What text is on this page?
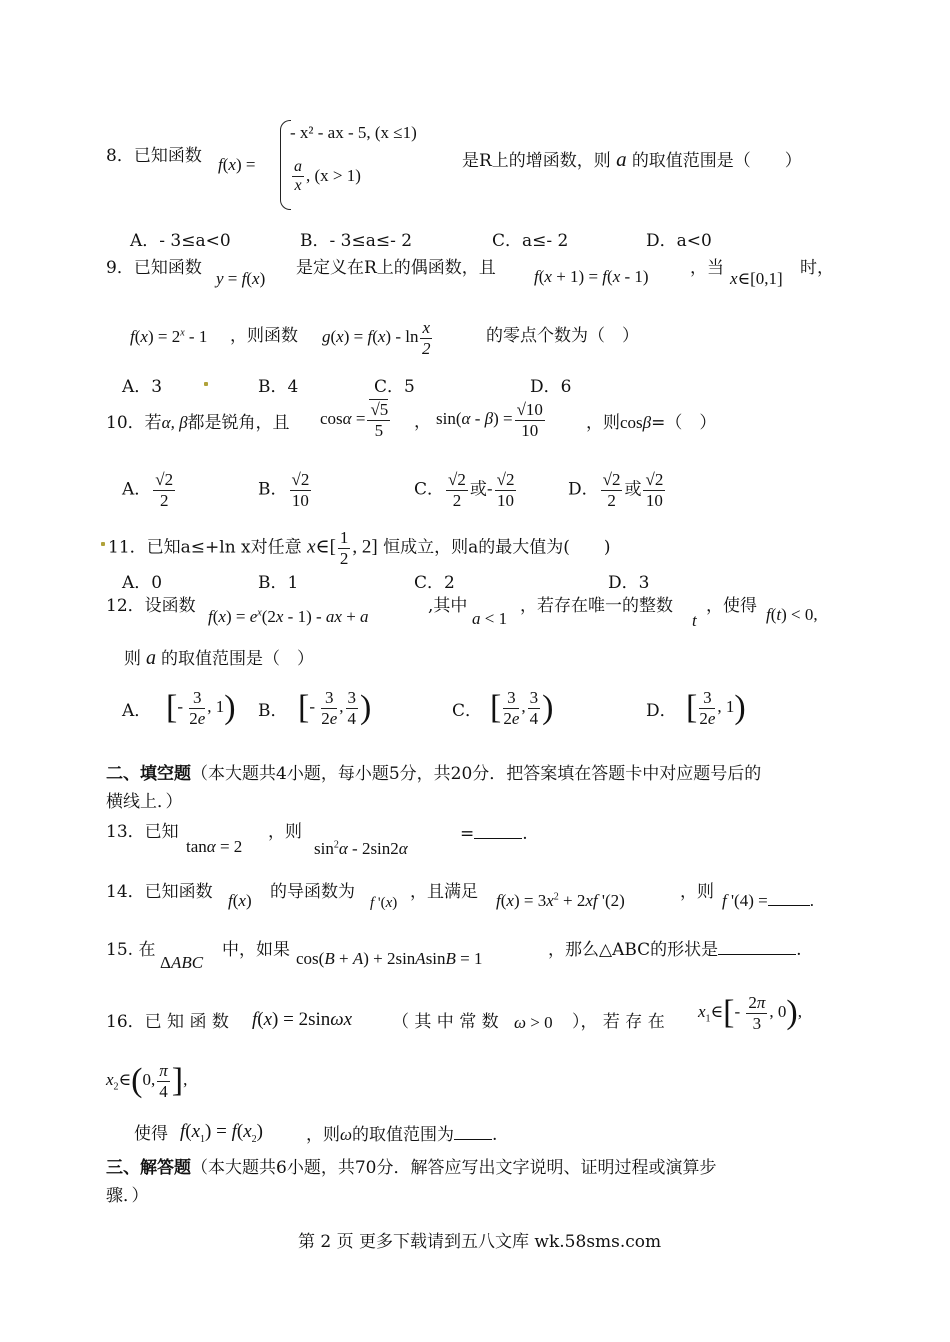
8．已知函数 f(x) =
- x² - ax - 5, (x ≤1)
$\frac{a}{x}$ , (x > 1)
是R上的增函数，则 a 的取值范围是（　　）
A．- 3≤a<0	B．- 3≤a≤- 2	C．a≤- 2	D．a<0
9．已知函数
y = f(x)
是定义在R上的偶函数，且 f(x + 1) = f(x - 1) ，当
x∈[0,1]
时，
$f(x) = 2^x - 1$ ，则函数 $g(x) = f(x) - \ln \frac{x}{2}$	的零点个数为（　）
A．3	B．4	C．5	D．6
10．若α, β都是锐角，且 $\cos\alpha = \frac{√5}{5}$ ， $\sin(\alpha - \beta) = \frac{√10}{10}$ ，则cosβ=（　）
A． $\frac{√2}{2}$	B． $\frac{√2}{10}$	C． $\frac{√2}{2}$ 或- $\frac{√2}{10}$	D． $\frac{√2}{2}$ 或 $\frac{√2}{10}$
11．已知a≤+ln x对任意 x∈[ $\frac{1}{2}$ , 2] 恒成立，则a的最大值为(　　)
A．0	B．1	C．2	D．3
12．设函数
$f(x) = e^x(2x - 1)$ - ax + a
,其中
a < 1
，若存在唯一的整数
t
，使得 f(t) < 0,
则 a 的取值范围是（　）
A． [- $\frac{3}{2e}$ , 1) B． [- $\frac{3}{2e}$ , $\frac{3}{4}$ )	C． [ $\frac{3}{2e}$ , $\frac{3}{4}$ )	D． [ $\frac{3}{2e}$ , 1)
二、填空题（本大题共4小题，每小题5分，共20分．把答案填在答题卡中对应题号后的
横线上．）
13．已知
tanα = 2
，则
$\sin^2\alpha - 2\sin 2\alpha$
=	.
14．已知函数 f(x) 的导函数为
f '(x)
，且满足 $f(x) = 3x^2 + 2xf$ '(2)	，则 f '(4) = .
15. 在
ΔABC
中，如果 cos(B + A) + 2sinAsinB = 1	，那么△ABC的形状是	.
16．已 知 函 数 f(x) = 2sinωx （ 其 中 常 数 ω > 0 ）， 若 存 在
$x_1\in[- \frac{2\pi}{3}$ , 0),
$x_2\in(0$, $\frac{\pi}{4}$ ],
使得 $f(x_1) = f(x_2)$	，则ω的取值范围为 .
三、解答题（本大题共6小题，共70分．解答应写出文字说明、证明过程或演算步
骤．）
第 2 页 更多下载请到五八文库 wk.58sms.com
